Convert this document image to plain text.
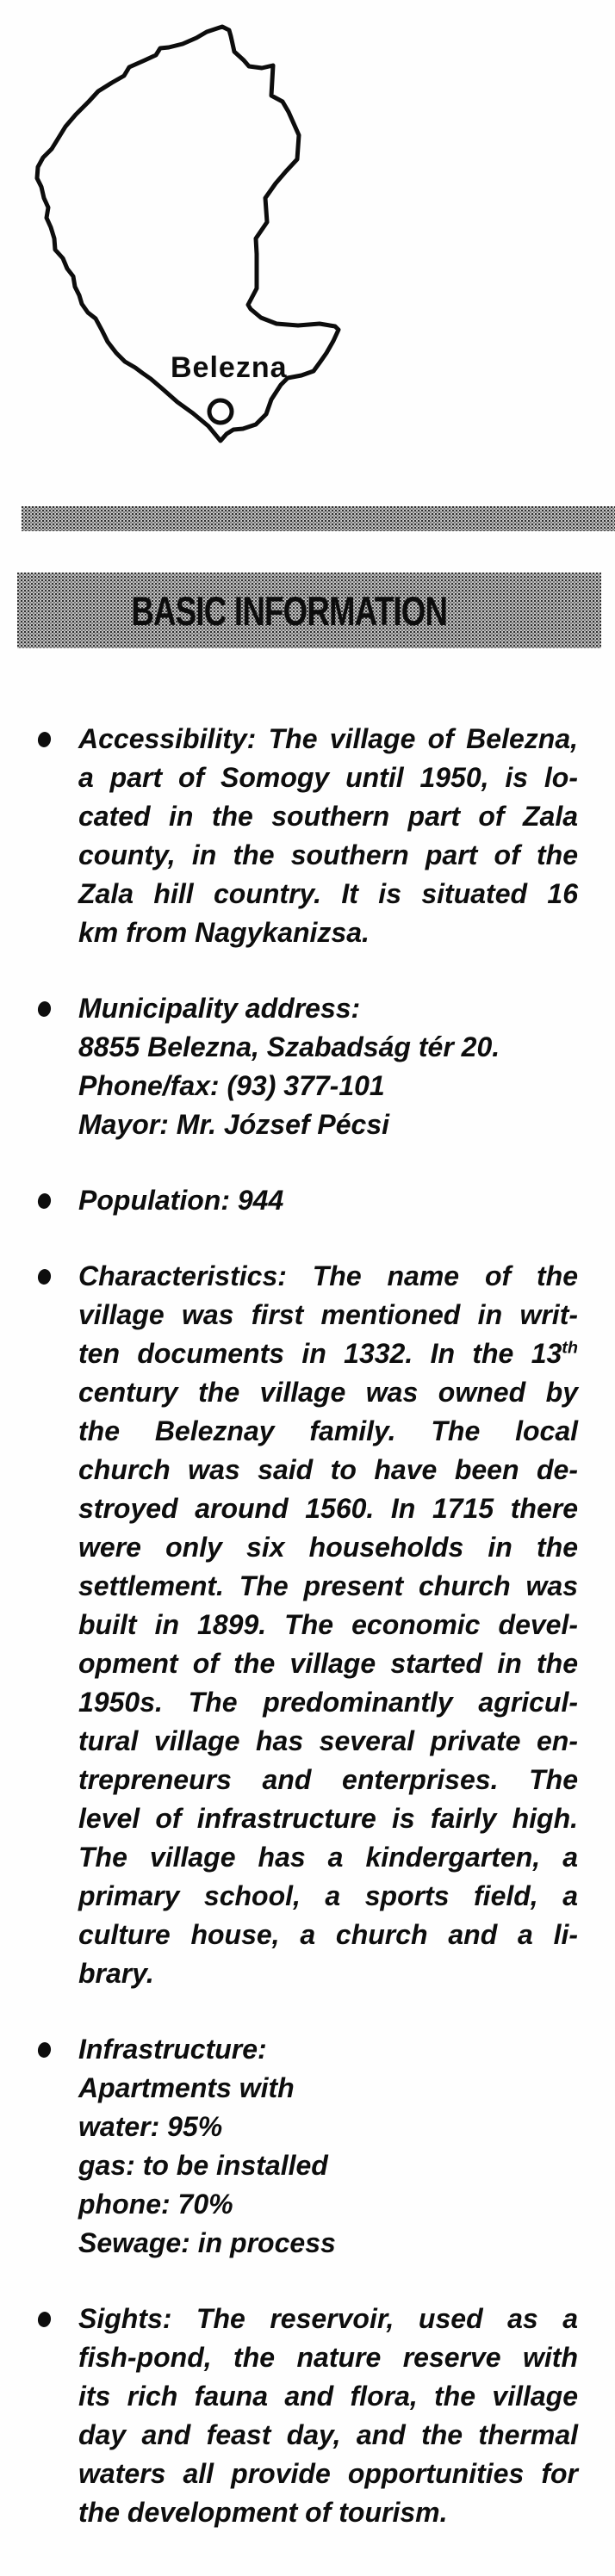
Belezna
BASIC INFORMATION
Accessibility: The village of Belezna,
a part of Somogy until 1950, is lo-
cated in the southern part of Zala
county, in the southern part of the
Zala hill country. It is situated 16
km from Nagykanizsa.
Municipality address:
8855 Belezna, Szabadság tér 20.
Phone/fax: (93) 377-101
Mayor: Mr. József Pécsi
Population: 944
Characteristics: The name of the
village was first mentioned in writ-
ten documents in 1332. In the 13th
century the village was owned by
the Beleznay family. The local
church was said to have been de-
stroyed around 1560. In 1715 there
were only six households in the
settlement. The present church was
built in 1899. The economic devel-
opment of the village started in the
1950s. The predominantly agricul-
tural village has several private en-
trepreneurs and enterprises. The
level of infrastructure is fairly high.
The village has a kindergarten, a
primary school, a sports field, a
culture house, a church and a li-
brary.
Infrastructure:
Apartments with
water: 95%
gas: to be installed
phone: 70%
Sewage: in process
Sights: The reservoir, used as a
fish-pond, the nature reserve with
its rich fauna and flora, the village
day and feast day, and the thermal
waters all provide opportunities for
the development of tourism.
